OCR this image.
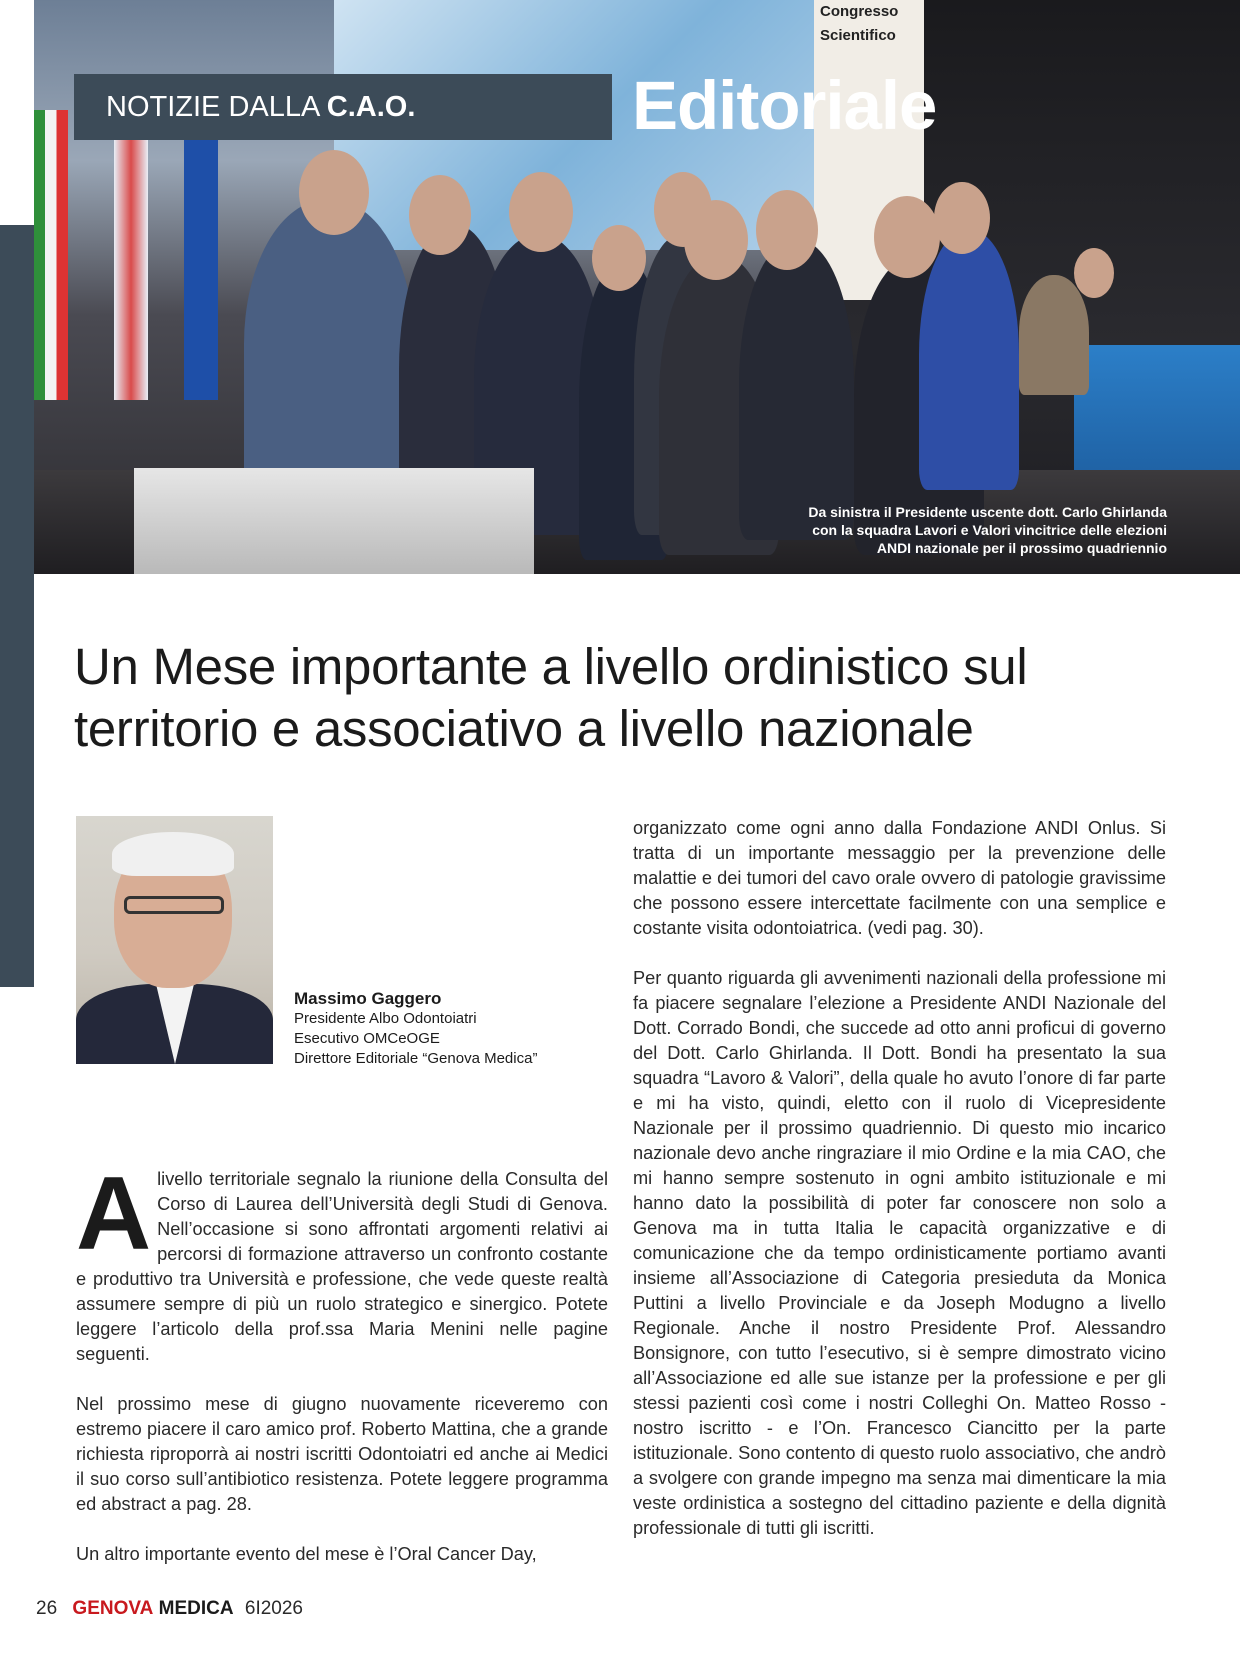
Congresso
Scientifico
NOTIZIE DALLA C.A.O.	Editoriale
Da sinistra il Presidente uscente dott. Carlo Ghirlanda
con la squadra Lavori e Valori vincitrice delle elezioni
ANDI nazionale per il prossimo quadriennio
Un Mese importante a livello ordinistico sul territorio e associativo a livello nazionale
Massimo Gaggero
Presidente Albo Odontoiatri
Esecutivo OMCeOGE
Direttore Editoriale “Genova Medica”

Alivello territoriale segnalo la riunione della Consulta del Corso di Laurea dell’Università degli Studi di Genova. Nell’occasione si sono affrontati argomenti relativi ai percorsi di formazione attraverso un confronto costante e produttivo tra Università e professione, che vede queste realtà assumere sempre di più un ruolo strategico e sinergico. Potete leggere l’articolo della prof.ssa Maria Menini nelle pagine seguenti.

Nel prossimo mese di giugno nuovamente riceveremo con estremo piacere il caro amico prof. Roberto Mattina, che a grande richiesta riproporrà ai nostri iscritti Odontoiatri ed anche ai Medici il suo corso sull’antibiotico resistenza. Potete leggere programma ed abstract a pag. 28.

Un altro importante evento del mese è l’Oral Cancer Day,

organizzato come ogni anno dalla Fondazione ANDI Onlus. Si tratta di un importante messaggio per la prevenzione delle malattie e dei tumori del cavo orale ovvero di patologie gravissime che possono essere intercettate facilmente con una semplice e costante visita odontoiatrica. (vedi pag. 30).

Per quanto riguarda gli avvenimenti nazionali della professione mi fa piacere segnalare l’elezione a Presidente ANDI Nazionale del Dott. Corrado Bondi, che succede ad otto anni proficui di governo del Dott. Carlo Ghirlanda. Il Dott. Bondi ha presentato la sua squadra “Lavoro & Valori”, della quale ho avuto l’onore di far parte e mi ha visto, quindi, eletto con il ruolo di Vicepresidente Nazionale per il prossimo quadriennio. Di questo mio incarico nazionale devo anche ringraziare il mio Ordine e la mia CAO, che mi hanno sempre sostenuto in ogni ambito istituzionale e mi hanno dato la possibilità di poter far conoscere non solo a Genova ma in tutta Italia le capacità organizzative e di comunicazione che da tempo ordinisticamente portiamo avanti insieme all’Associazione di Categoria presieduta da Monica Puttini a livello Provinciale e da Joseph Modugno a livello Regionale. Anche il nostro Presidente Prof. Alessandro Bonsignore, con tutto l’esecutivo, si è sempre dimostrato vicino all’Associazione ed alle sue istanze per la professione e per gli stessi pazienti così come i nostri Colleghi On. Matteo Rosso - nostro iscritto - e l’On. Francesco Ciancitto per la parte istituzionale. Sono contento di questo ruolo associativo, che andrò a svolgere con grande impegno ma senza mai dimenticare la mia veste ordinistica a sostegno del cittadino paziente e della dignità professionale di tutti gli iscritti.

26 GENOVA MEDICA 6I2026
